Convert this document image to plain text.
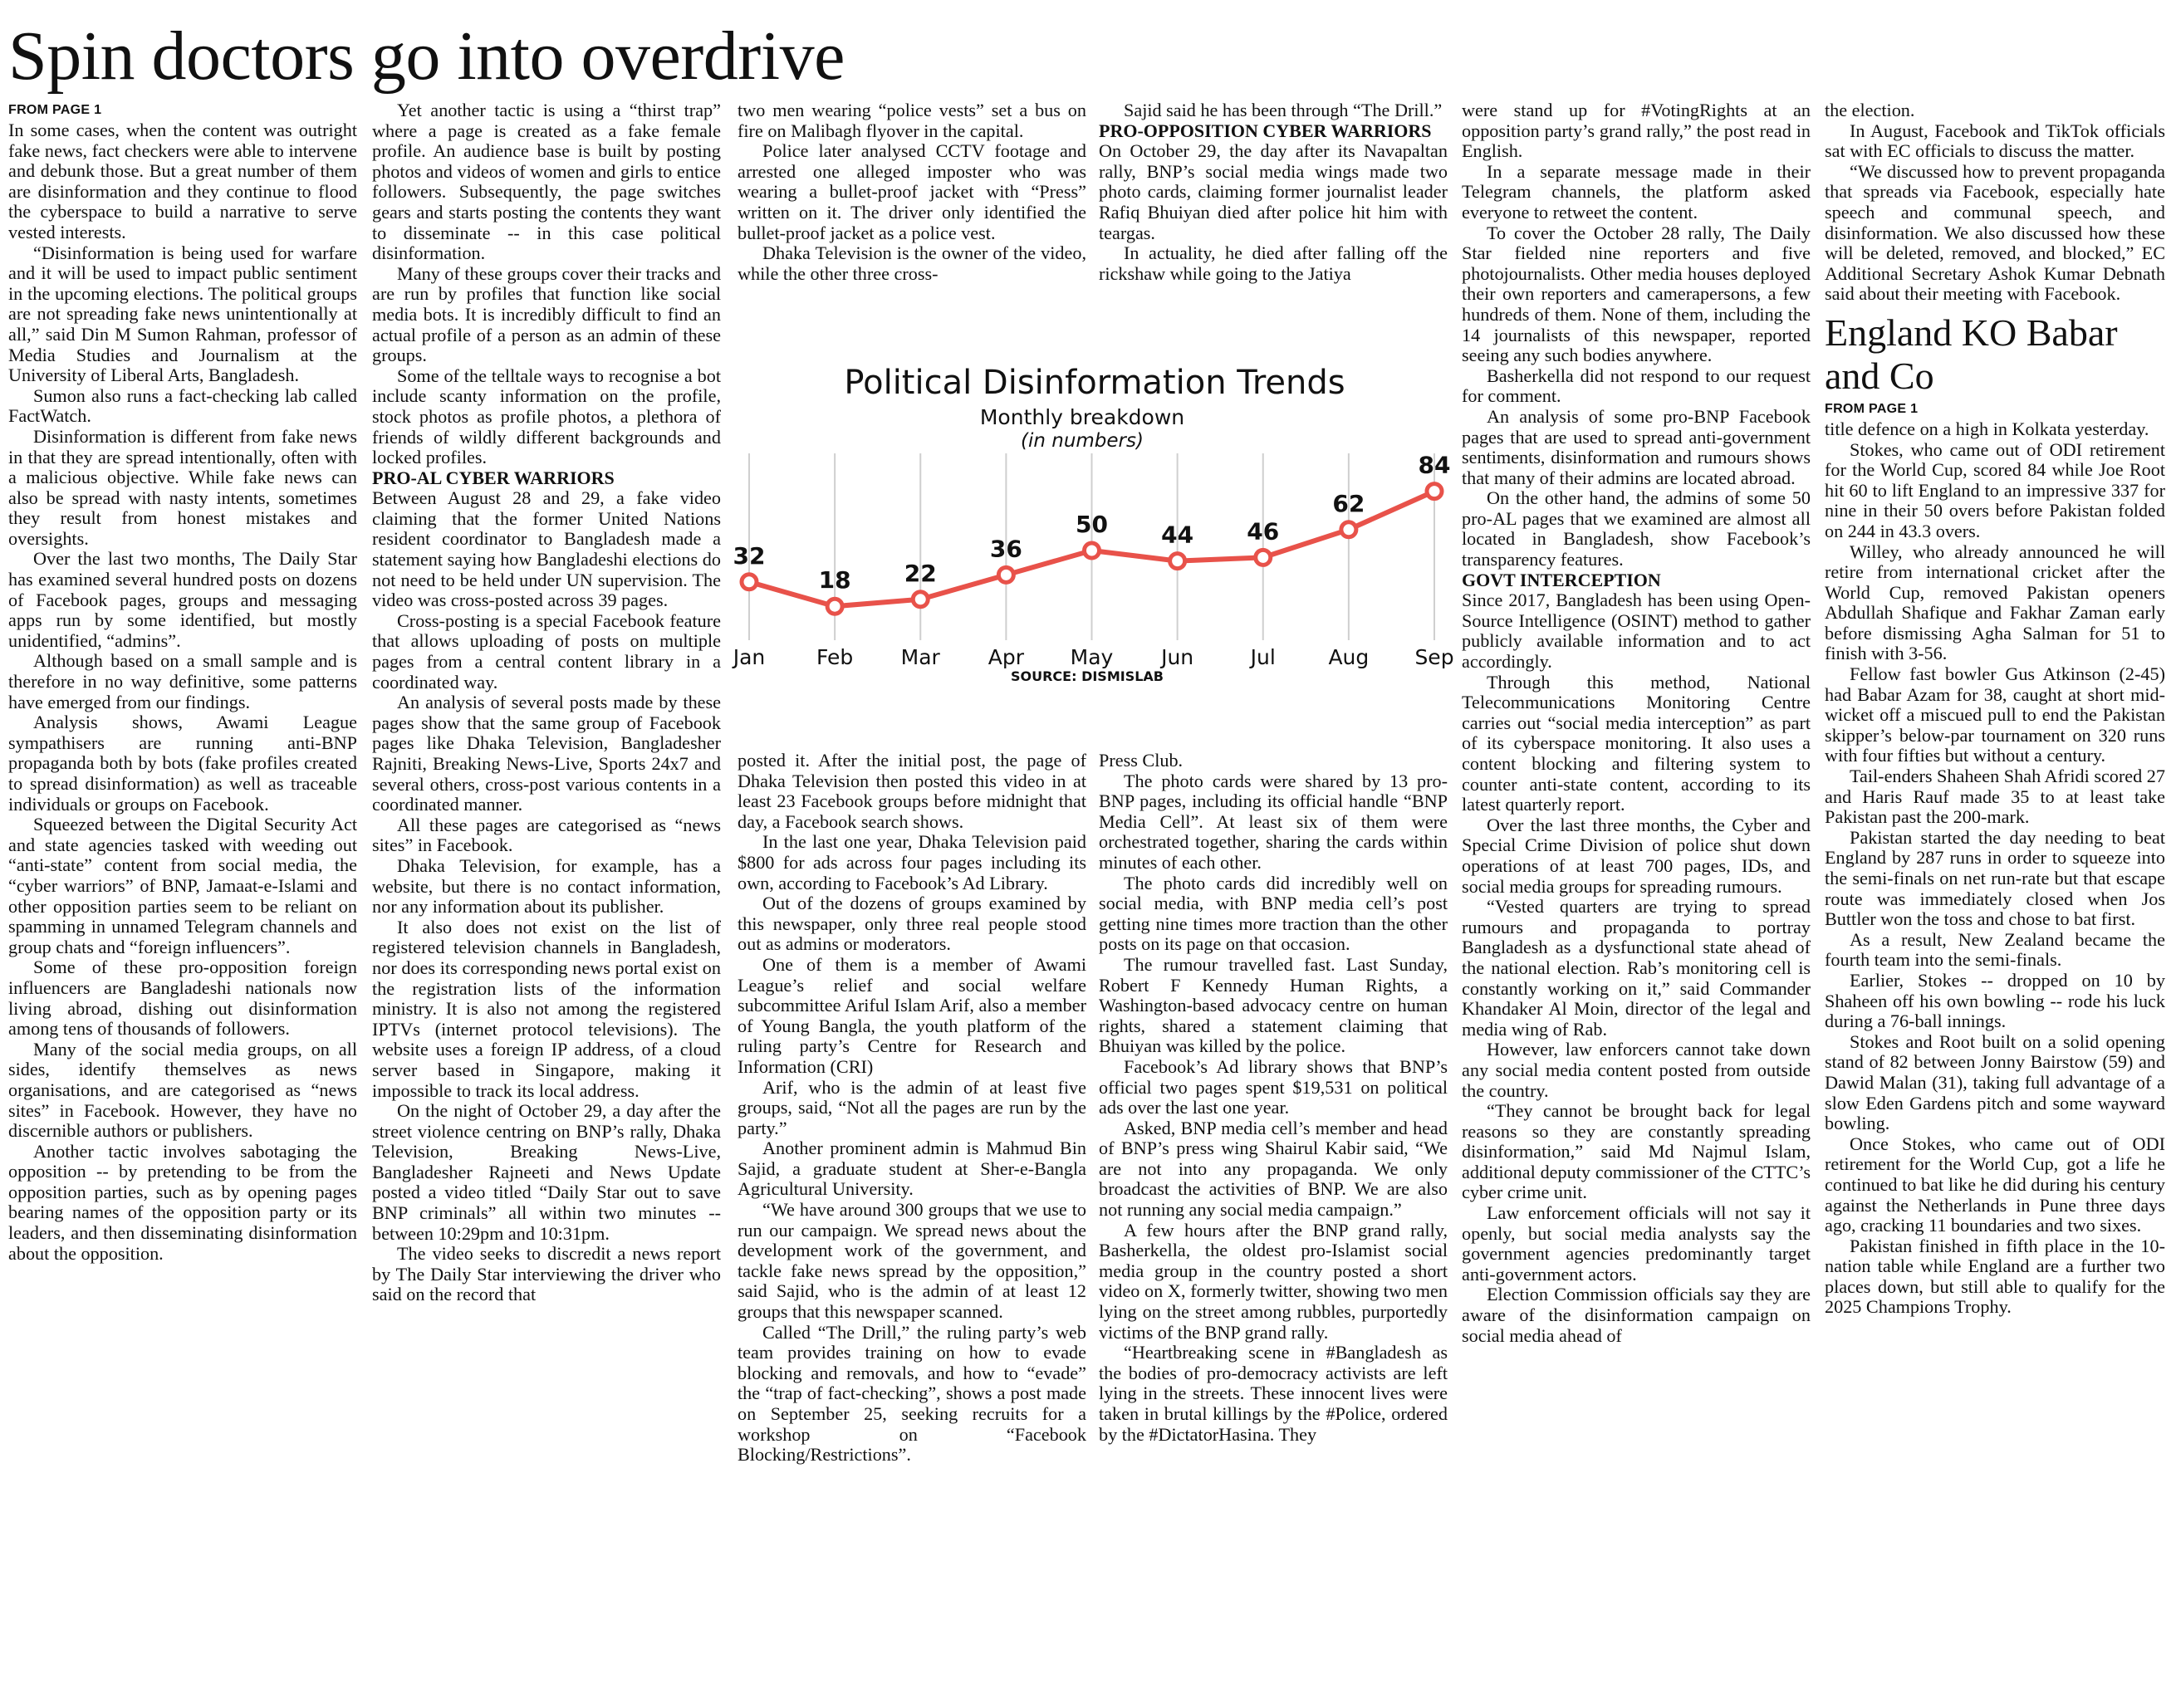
Spin doctors go into overdrive
FROM PAGE 1

In some cases, when the content was outright fake news, fact checkers were able to intervene and debunk those. But a great number of them are disinformation and they continue to flood the cyberspace to build a narrative to serve vested interests.

“Disinformation is being used for warfare and it will be used to impact public sentiment in the upcoming elections. The political groups are not spreading fake news unintentionally at all,” said Din M Sumon Rahman, professor of Media Studies and Journalism at the University of Liberal Arts, Bangladesh.

Sumon also runs a fact-checking lab called FactWatch.

Disinformation is different from fake news in that they are spread intentionally, often with a malicious objective. While fake news can also be spread with nasty intents, sometimes they result from honest mistakes and oversights.

Over the last two months, The Daily Star has examined several hundred posts on dozens of Facebook pages, groups and messaging apps run by some identified, but mostly unidentified, “admins”.

Although based on a small sample and is therefore in no way definitive, some patterns have emerged from our findings.

Analysis shows, Awami League sympathisers are running anti-BNP propaganda both by bots (fake profiles created to spread disinformation) as well as traceable individuals or groups on Facebook.

Squeezed between the Digital Security Act and state agencies tasked with weeding out “anti-state” content from social media, the “cyber warriors” of BNP, Jamaat-e-Islami and other opposition parties seem to be reliant on spamming in unnamed Telegram channels and group chats and “foreign influencers”.

Some of these pro-opposition foreign influencers are Bangladeshi nationals now living abroad, dishing out disinformation among tens of thousands of followers.

Many of the social media groups, on all sides, identify themselves as news organisations, and are categorised as “news sites” in Facebook. However, they have no discernible authors or publishers.

Another tactic involves sabotaging the opposition -- by pretending to be from the opposition parties, such as by opening pages bearing names of the opposition party or its leaders, and then disseminating disinformation about the opposition.

Yet another tactic is using a “thirst trap” where a page is created as a fake female profile. An audience base is built by posting photos and videos of women and girls to entice followers. Subsequently, the page switches gears and starts posting the contents they want to disseminate -- in this case political disinformation.

Many of these groups cover their tracks and are run by profiles that function like social media bots. It is incredibly difficult to find an actual profile of a person as an admin of these groups.

Some of the telltale ways to recognise a bot include scanty information on the profile, stock photos as profile photos, a plethora of friends of wildly different backgrounds and locked profiles.

PRO-AL CYBER WARRIORS

Between August 28 and 29, a fake video claiming that the former United Nations resident coordinator to Bangladesh made a statement saying how Bangladeshi elections do not need to be held under UN supervision. The video was cross-posted across 39 pages.

Cross-posting is a special Facebook feature that allows uploading of posts on multiple pages from a central content library in a coordinated way.

An analysis of several posts made by these pages show that the same group of Facebook pages like Dhaka Television, Bangladesher Rajniti, Breaking News-Live, Sports 24x7 and several others, cross-post various contents in a coordinated manner.

All these pages are categorised as “news sites” in Facebook.

Dhaka Television, for example, has a website, but there is no contact information, nor any information about its publisher.

It also does not exist on the list of registered television channels in Bangladesh, nor does its corresponding news portal exist on the registration lists of the information ministry. It is also not among the registered IPTVs (internet protocol televisions). The website uses a foreign IP address, of a cloud server based in Singapore, making it impossible to track its local address.

On the night of October 29, a day after the street violence centring on BNP’s rally, Dhaka Television, Breaking News-Live, Bangladesher Rajneeti and News Update posted a video titled “Daily Star out to save BNP criminals” all within two minutes -- between 10:29pm and 10:31pm.

The video seeks to discredit a news report by The Daily Star interviewing the driver who said on the record that

two men wearing “police vests” set a bus on fire on Malibagh flyover in the capital.

Police later analysed CCTV footage and arrested one alleged imposter who was wearing a bullet-proof jacket with “Press” written on it. The driver only identified the bullet-proof jacket as a police vest.

Dhaka Television is the owner of the video, while the other three cross-

Sajid said he has been through “The Drill.”

PRO-OPPOSITION CYBER WARRIORS

On October 29, the day after its Navapaltan rally, BNP’s social media wings made two photo cards, claiming former journalist leader Rafiq Bhuiyan died after police hit him with teargas.

In actuality, he died after falling off the rickshaw while going to the Jatiya

Political Disinformation Trends
Monthly breakdown
(in numbers)
32
18 22
36
50 44 46
62
84
Jan Feb Mar Apr May Jun	Jul	Aug Sep
SOURCE: DISMISLAB

posted it. After the initial post, the page of Dhaka Television then posted this video in at least 23 Facebook groups before midnight that day, a Facebook search shows.

In the last one year, Dhaka Television paid $800 for ads across four pages including its own, according to Facebook’s Ad Library.

Out of the dozens of groups examined by this newspaper, only three real people stood out as admins or moderators.

One of them is a member of Awami League’s relief and social welfare subcommittee Ariful Islam Arif, also a member of Young Bangla, the youth platform of the ruling party’s Centre for Research and Information (CRI)

Arif, who is the admin of at least five groups, said, “Not all the pages are run by the party.”

Another prominent admin is Mahmud Bin Sajid, a graduate student at Sher-e-Bangla Agricultural University.

“We have around 300 groups that we use to run our campaign. We spread news about the development work of the government, and tackle fake news spread by the opposition,” said Sajid, who is the admin of at least 12 groups that this newspaper scanned.

Called “The Drill,” the ruling party’s web team provides training on how to evade blocking and removals, and how to “evade” the “trap of fact-checking”, shows a post made on September 25, seeking recruits for a workshop on “Facebook Blocking/Restrictions”.

Press Club.

The photo cards were shared by 13 pro-BNP pages, including its official handle “BNP Media Cell”. At least six of them were orchestrated together, sharing the cards within minutes of each other.

The photo cards did incredibly well on social media, with BNP media cell’s post getting nine times more traction than the other posts on its page on that occasion.

The rumour travelled fast. Last Sunday, Robert F Kennedy Human Rights, a Washington-based advocacy centre on human rights, shared a statement claiming that Bhuiyan was killed by the police.

Facebook’s Ad library shows that BNP’s official two pages spent $19,531 on political ads over the last one year.

Asked, BNP media cell’s member and head of BNP’s press wing Shairul Kabir said, “We are not into any propaganda. We only broadcast the activities of BNP. We are also not running any social media campaign.”

A few hours after the BNP grand rally, Basherkella, the oldest pro-Islamist social media group in the country posted a short video on X, formerly twitter, showing two men lying on the street among rubbles, purportedly victims of the BNP grand rally.

“Heartbreaking scene in #Bangladesh as the bodies of pro-democracy activists are left lying in the streets. These innocent lives were taken in brutal killings by the #Police, ordered by the #DictatorHasina. They

were stand up for #VotingRights at an opposition party’s grand rally,” the post read in English.

In a separate message made in their Telegram channels, the platform asked everyone to retweet the content.

To cover the October 28 rally, The Daily Star fielded nine reporters and five photojournalists. Other media houses deployed their own reporters and camerapersons, a few hundreds of them. None of them, including the 14 journalists of this newspaper, reported seeing any such bodies anywhere.

Basherkella did not respond to our request for comment.

An analysis of some pro-BNP Facebook pages that are used to spread anti-government sentiments, disinformation and rumours shows that many of their admins are located abroad.

On the other hand, the admins of some 50 pro-AL pages that we examined are almost all located in Bangladesh, show Facebook’s transparency features.

GOVT INTERCEPTION

Since 2017, Bangladesh has been using Open-Source Intelligence (OSINT) method to gather publicly available information and to act accordingly.

Through this method, National Telecommunications Monitoring Centre carries out “social media interception” as part of its cyberspace monitoring. It also uses a content blocking and filtering system to counter anti-state content, according to its latest quarterly report.

Over the last three months, the Cyber and Special Crime Division of police shut down operations of at least 700 pages, IDs, and social media groups for spreading rumours.

“Vested quarters are trying to spread rumours and propaganda to portray Bangladesh as a dysfunctional state ahead of the national election. Rab’s monitoring cell is constantly working on it,” said Commander Khandaker Al Moin, director of the legal and media wing of Rab.

However, law enforcers cannot take down any social media content posted from outside the country.

“They cannot be brought back for legal reasons so they are constantly spreading disinformation,” said Md Najmul Islam, additional deputy commissioner of the CTTC’s cyber crime unit.

Law enforcement officials will not say it openly, but social media analysts say the government agencies predominantly target anti-government actors.

Election Commission officials say they are aware of the disinformation campaign on social media ahead of

the election.

In August, Facebook and TikTok officials sat with EC officials to discuss the matter.

“We discussed how to prevent propaganda that spreads via Facebook, especially hate speech and communal speech, and disinformation. We also discussed how these will be deleted, removed, and blocked,” EC Additional Secretary Ashok Kumar Debnath said about their meeting with Facebook.

England KO Babar and Co
FROM PAGE 1

title defence on a high in Kolkata yesterday.

Stokes, who came out of ODI retirement for the World Cup, scored 84 while Joe Root hit 60 to lift England to an impressive 337 for nine in their 50 overs before Pakistan folded on 244 in 43.3 overs.

Willey, who already announced he will retire from international cricket after the World Cup, removed Pakistan openers Abdullah Shafique and Fakhar Zaman early before dismissing Agha Salman for 51 to finish with 3-56.

Fellow fast bowler Gus Atkinson (2-45) had Babar Azam for 38, caught at short mid-wicket off a miscued pull to end the Pakistan skipper’s below-par tournament on 320 runs with four fifties but without a century.

Tail-enders Shaheen Shah Afridi scored 27 and Haris Rauf made 35 to at least take Pakistan past the 200-mark.

Pakistan started the day needing to beat England by 287 runs in order to squeeze into the semi-finals on net run-rate but that escape route was immediately closed when Jos Buttler won the toss and chose to bat first.

As a result, New Zealand became the fourth team into the semi-finals.

Earlier, Stokes -- dropped on 10 by Shaheen off his own bowling -- rode his luck during a 76-ball innings.

Stokes and Root built on a solid opening stand of 82 between Jonny Bairstow (59) and Dawid Malan (31), taking full advantage of a slow Eden Gardens pitch and some wayward bowling.

Once Stokes, who came out of ODI retirement for the World Cup, got a life he continued to bat like he did during his century against the Netherlands in Pune three days ago, cracking 11 boundaries and two sixes.

Pakistan finished in fifth place in the 10-nation table while England are a further two places down, but still able to qualify for the 2025 Champions Trophy.
